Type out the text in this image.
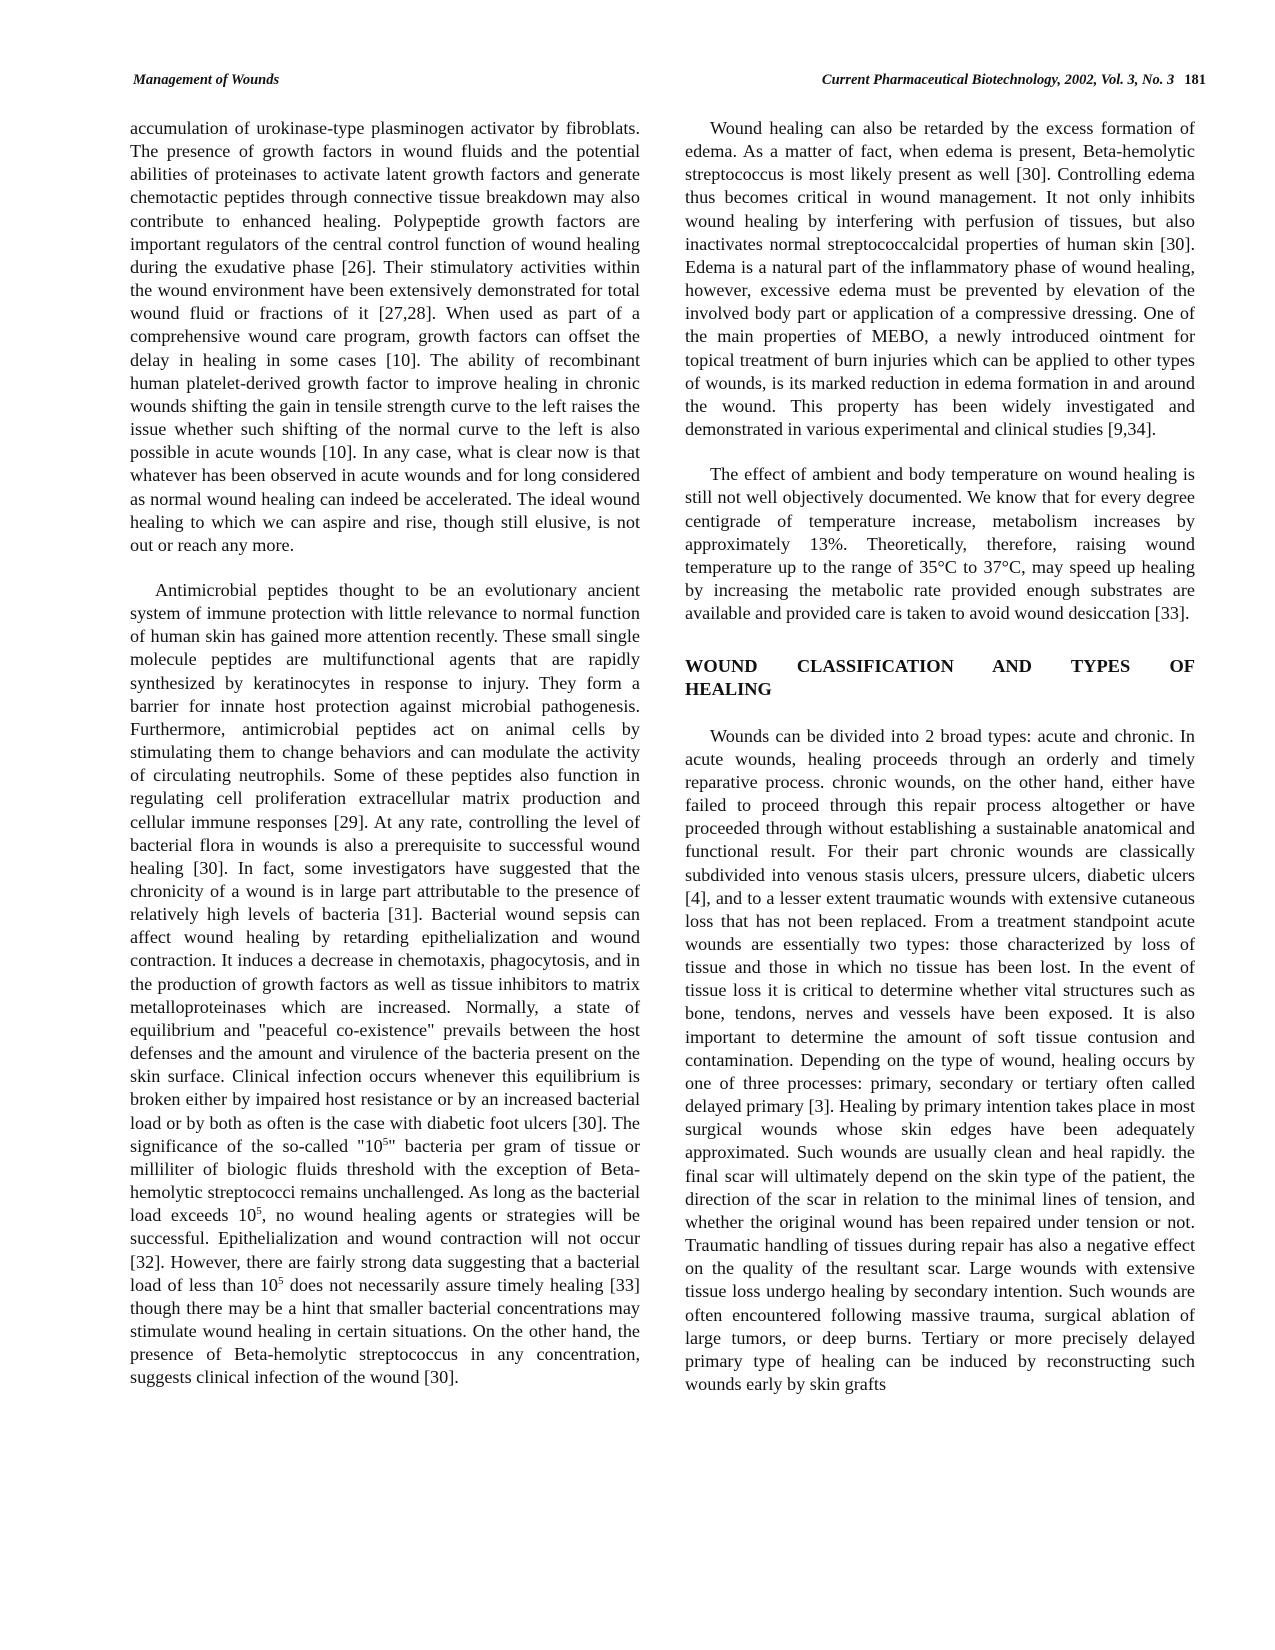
Management of Wounds	Current Pharmaceutical Biotechnology, 2002, Vol. 3, No. 3 181

accumulation of urokinase-type plasminogen activator by fibroblats. The presence of growth factors in wound fluids and the potential abilities of proteinases to activate latent growth factors and generate chemotactic peptides through connective tissue breakdown may also contribute to enhanced healing. Polypeptide growth factors are important regulators of the central control function of wound healing during the exudative phase [26]. Their stimulatory activities within the wound environment have been extensively demonstrated for total wound fluid or fractions of it [27,28]. When used as part of a comprehensive wound care program, growth factors can offset the delay in healing in some cases [10]. The ability of recombinant human platelet-derived growth factor to improve healing in chronic wounds shifting the gain in tensile strength curve to the left raises the issue whether such shifting of the normal curve to the left is also possible in acute wounds [10]. In any case, what is clear now is that whatever has been observed in acute wounds and for long considered as normal wound healing can indeed be accelerated. The ideal wound healing to which we can aspire and rise, though still elusive, is not out or reach any more.

Antimicrobial peptides thought to be an evolutionary ancient system of immune protection with little relevance to normal function of human skin has gained more attention recently. These small single molecule peptides are multifunctional agents that are rapidly synthesized by keratinocytes in response to injury. They form a barrier for innate host protection against microbial pathogenesis. Furthermore, antimicrobial peptides act on animal cells by stimulating them to change behaviors and can modulate the activity of circulating neutrophils. Some of these peptides also function in regulating cell proliferation extracellular matrix production and cellular immune responses [29]. At any rate, controlling the level of bacterial flora in wounds is also a prerequisite to successful wound healing [30]. In fact, some investigators have suggested that the chronicity of a wound is in large part attributable to the presence of relatively high levels of bacteria [31]. Bacterial wound sepsis can affect wound healing by retarding epithelialization and wound contraction. It induces a decrease in chemotaxis, phagocytosis, and in the production of growth factors as well as tissue inhibitors to matrix metalloproteinases which are increased. Normally, a state of equilibrium and "peaceful co-existence" prevails between the host defenses and the amount and virulence of the bacteria present on the skin surface. Clinical infection occurs whenever this equilibrium is broken either by impaired host resistance or by an increased bacterial load or by both as often is the case with diabetic foot ulcers [30]. The significance of the so-called "$10^5$" bacteria per gram of tissue or milliliter of biologic fluids threshold with the exception of Beta-hemolytic streptococci remains unchallenged. As long as the bacterial load exceeds $10^5$, no wound healing agents or strategies will be successful. Epithelialization and wound contraction will not occur [32]. However, there are fairly strong data suggesting that a bacterial load of less than $10^5$ does not necessarily assure timely healing [33] though there may be a hint that smaller bacterial concentrations may stimulate wound healing in certain situations. On the other hand, the presence of Beta-hemolytic streptococcus in any concentration, suggests clinical infection of the wound [30].

Wound healing can also be retarded by the excess formation of edema. As a matter of fact, when edema is present, Beta-hemolytic streptococcus is most likely present as well [30]. Controlling edema thus becomes critical in wound management. It not only inhibits wound healing by interfering with perfusion of tissues, but also inactivates normal streptococcalcidal properties of human skin [30]. Edema is a natural part of the inflammatory phase of wound healing, however, excessive edema must be prevented by elevation of the involved body part or application of a compressive dressing. One of the main properties of MEBO, a newly introduced ointment for topical treatment of burn injuries which can be applied to other types of wounds, is its marked reduction in edema formation in and around the wound. This property has been widely investigated and demonstrated in various experimental and clinical studies [9,34].

The effect of ambient and body temperature on wound healing is still not well objectively documented. We know that for every degree centigrade of temperature increase, metabolism increases by approximately 13%. Theoretically, therefore, raising wound temperature up to the range of 35°C to 37°C, may speed up healing by increasing the metabolic rate provided enough substrates are available and provided care is taken to avoid wound desiccation [33].

WOUND CLASSIFICATION AND TYPES OF HEALING

Wounds can be divided into 2 broad types: acute and chronic. In acute wounds, healing proceeds through an orderly and timely reparative process. chronic wounds, on the other hand, either have failed to proceed through this repair process altogether or have proceeded through without establishing a sustainable anatomical and functional result. For their part chronic wounds are classically subdivided into venous stasis ulcers, pressure ulcers, diabetic ulcers [4], and to a lesser extent traumatic wounds with extensive cutaneous loss that has not been replaced. From a treatment standpoint acute wounds are essentially two types: those characterized by loss of tissue and those in which no tissue has been lost. In the event of tissue loss it is critical to determine whether vital structures such as bone, tendons, nerves and vessels have been exposed. It is also important to determine the amount of soft tissue contusion and contamination. Depending on the type of wound, healing occurs by one of three processes: primary, secondary or tertiary often called delayed primary [3]. Healing by primary intention takes place in most surgical wounds whose skin edges have been adequately approximated. Such wounds are usually clean and heal rapidly. the final scar will ultimately depend on the skin type of the patient, the direction of the scar in relation to the minimal lines of tension, and whether the original wound has been repaired under tension or not. Traumatic handling of tissues during repair has also a negative effect on the quality of the resultant scar. Large wounds with extensive tissue loss undergo healing by secondary intention. Such wounds are often encountered following massive trauma, surgical ablation of large tumors, or deep burns. Tertiary or more precisely delayed primary type of healing can be induced by reconstructing such wounds early by skin grafts
